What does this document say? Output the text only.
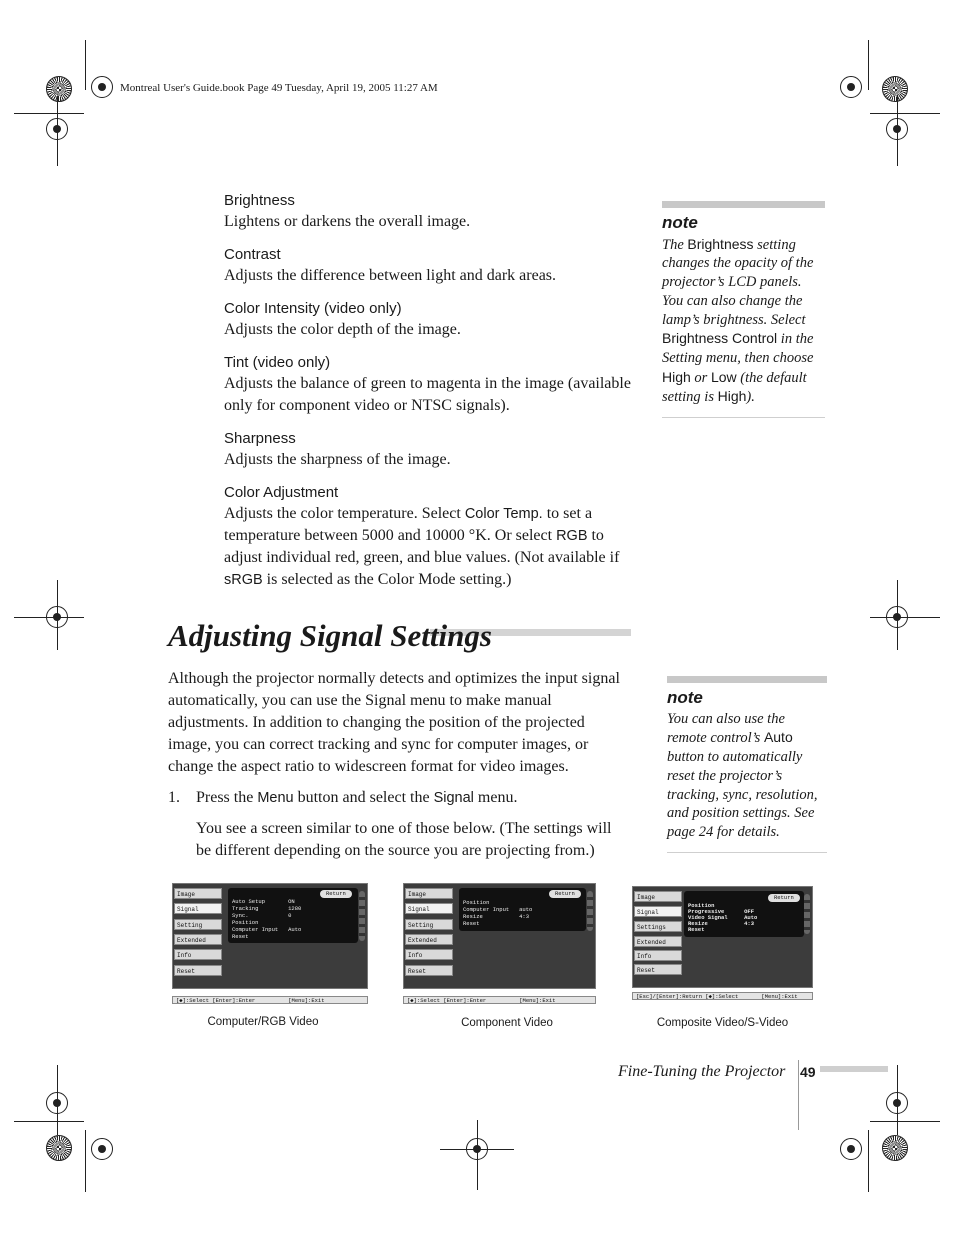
Montreal User's Guide.book Page 49 Tuesday, April 19, 2005 11:27 AM

Brightness

Lightens or darkens the overall image.

Contrast

Adjusts the difference between light and dark areas.

Color Intensity (video only)

Adjusts the color depth of the image.

Tint (video only)

Adjusts the balance of green to magenta in the image (available only for component video or NTSC signals).

Sharpness

Adjusts the sharpness of the image.

Color Adjustment

Adjusts the color temperature. Select Color Temp. to set a temperature between 5000 and 10000 °K. Or select RGB to adjust individual red, green, and blue values. (Not available if sRGB is selected as the Color Mode setting.)

note
The Brightness setting changes the opacity of the projector’s LCD panels. You can also change the lamp’s brightness. Select Brightness Control in the Setting menu, then choose High or Low (the default setting is High).
Adjusting Signal Settings

Although the projector normally detects and optimizes the input signal automatically, you can use the Signal menu to make manual adjustments. In addition to changing the position of the projected image, you can correct tracking and sync for computer images, or change the aspect ratio to widescreen format for video images.

1. Press the Menu button and select the Signal menu.

You see a screen similar to one of those below. (The settings will be different depending on the source you are projecting from.)

note
You can also use the remote control’s Auto button to automatically reset the projector’s tracking, sync, resolution, and position settings. See page 24 for details.
Image
Signal
Setting
Extended
Info
Reset
Return
Auto Setup       ON
Tracking         1280
Sync.            0
Position
Computer Input   Auto
Reset
[◆]:Select [Enter]:Enter          [Menu]:Exit
Computer/RGB Video
Image
Signal
Setting
Extended
Info
Reset
Return
Position
Computer Input   auto
Resize           4:3
Reset
[◆]:Select [Enter]:Enter          [Menu]:Exit
Component Video
Image
Signal
Settings
Extended
Info
Reset
Return
Position
Progressive      OFF
Video Signal     Auto
Resize           4:3
Reset
[Esc]/[Enter]:Return [◆]:Select       [Menu]:Exit
Composite Video/S-Video
Fine-Tuning the Projector 49
